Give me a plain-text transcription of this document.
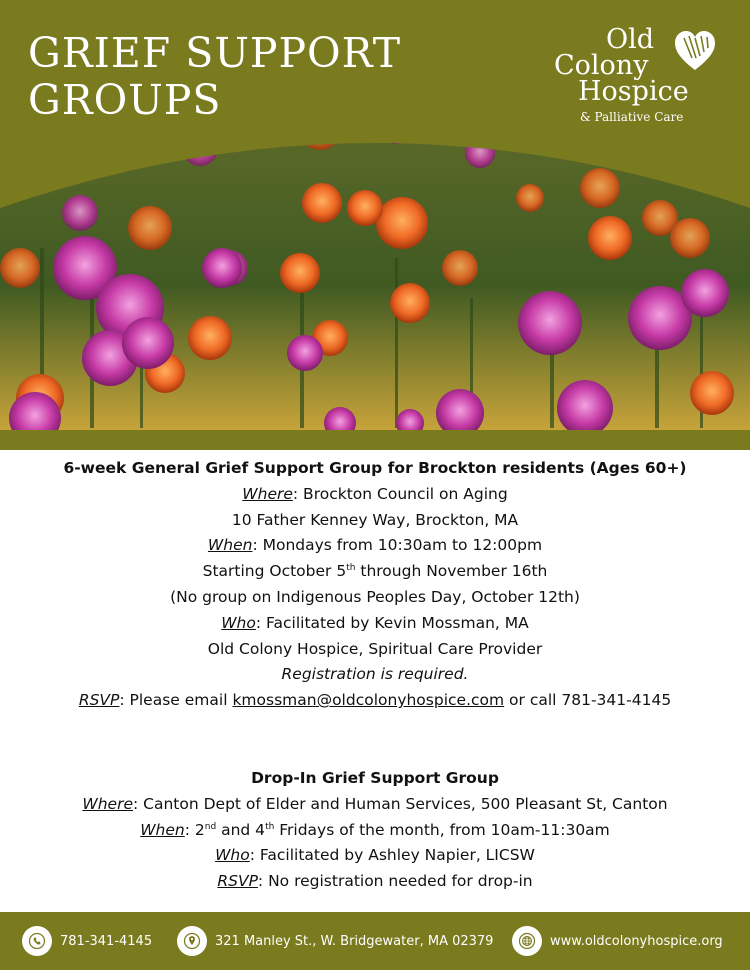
GRIEF SUPPORT
GROUPS
Old
Colony
Hospice
& Palliative Care
6-week General Grief Support Group for Brockton residents (Ages 60+)
Where: Brockton Council on Aging
10 Father Kenney Way, Brockton, MA
When: Mondays from 10:30am to 12:00pm
Starting October 5th through November 16th
(No group on Indigenous Peoples Day, October 12th)
Who: Facilitated by Kevin Mossman, MA
Old Colony Hospice, Spiritual Care Provider
Registration is required.
RSVP: Please email kmossman@oldcolonyhospice.com or call 781-341-4145
Drop-In Grief Support Group
Where: Canton Dept of Elder and Human Services, 500 Pleasant St, Canton
When: 2nd and 4th Fridays of the month, from 10am-11:30am
Who: Facilitated by Ashley Napier, LICSW
RSVP: No registration needed for drop-in
781-341-4145	321 Manley St., W. Bridgewater, MA 02379	www.oldcolonyhospice.org
